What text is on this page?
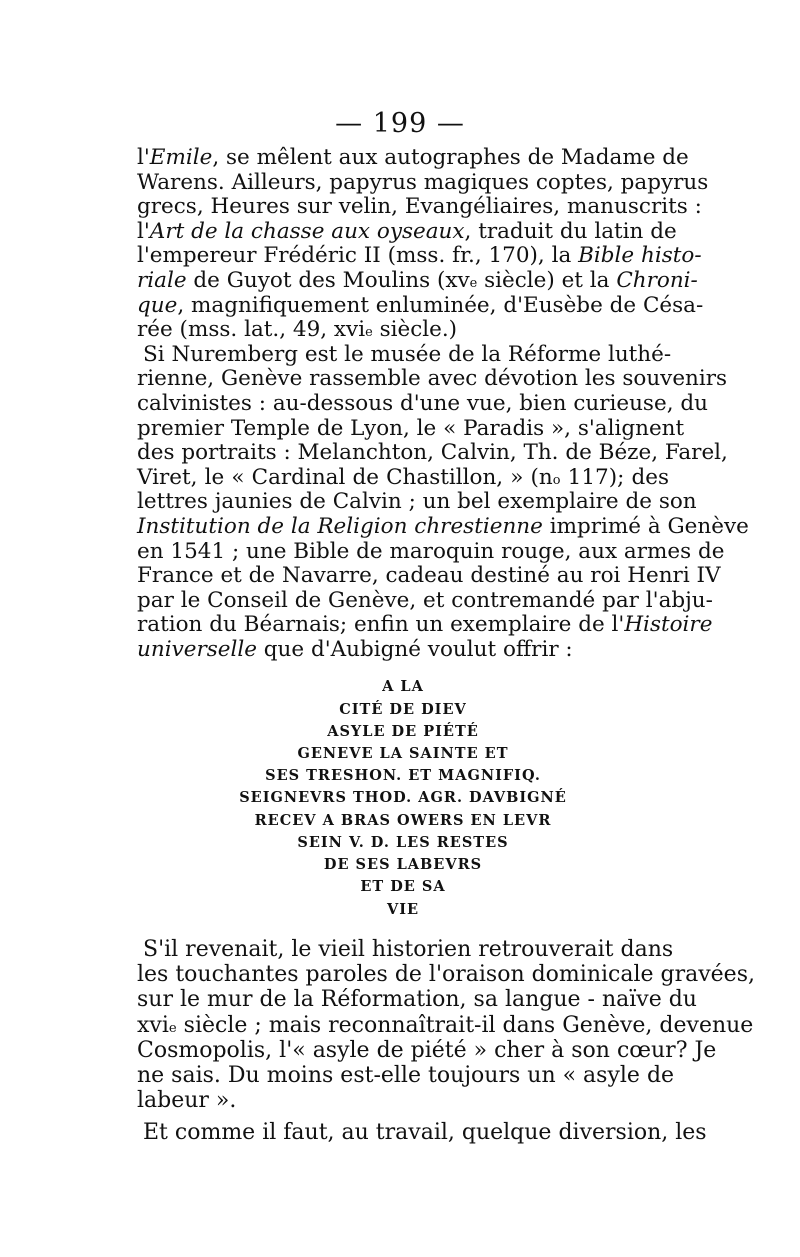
— 199 —
l'Emile, se mêlent aux autographes de Madame de
Warens. Ailleurs, papyrus magiques coptes, papyrus
grecs, Heures sur velin, Evangéliaires, manuscrits :
l'Art de la chasse aux oyseaux, traduit du latin de
l'empereur Frédéric II (mss. fr., 170), la Bible histo-
riale de Guyot des Moulins ($xv^e$ siècle) et la Chroni-
que, magnifiquement enluminée, d'Eusèbe de Césa-
rée (mss. lat., 49, xvi$^e$ siècle.)
Si Nuremberg est le musée de la Réforme luthé-
rienne, Genève rassemble avec dévotion les souvenirs
calvinistes : au-dessous d'une vue, bien curieuse, du
premier Temple de Lyon, le « Paradis », s'alignent
des portraits : Melanchton, Calvin, Th. de Béze, Farel,
Viret, le « Cardinal de Chastillon, » ($n^o$ 117); des
lettres jaunies de Calvin ; un bel exemplaire de son
Institution de la Religion chrestienne imprimé à Genève
en 1541 ; une Bible de maroquin rouge, aux armes de
France et de Navarre, cadeau destiné au roi Henri IV
par le Conseil de Genève, et contremandé par l'abju-
ration du Béarnais; enfin un exemplaire de l'Histoire
universelle que d'Aubigné voulut offrir :
A LA
CITÉ DE DIEV
ASYLE DE PIÉTÉ
GENEVE LA SAINTE ET
SES TRESHON. ET MAGNIFIQ.
SEIGNEVRS THOD. AGR. DAVBIGNÉ
RECEV A BRAS OWERS EN LEVR
SEIN V. D. LES RESTES
DE SES LABEVRS
ET DE SA
VIE
S'il revenait, le vieil historien retrouverait dans
les touchantes paroles de l'oraison dominicale gravées,
sur le mur de la Réformation, sa langue - naïve du
xvi$^e$ siècle ; mais reconnaîtrait-il dans Genève, devenue
Cosmopolis, l'« asyle de piété » cher à son cœur? Je
ne sais. Du moins est-elle toujours un « asyle de
labeur ».
Et comme il faut, au travail, quelque diversion, les
